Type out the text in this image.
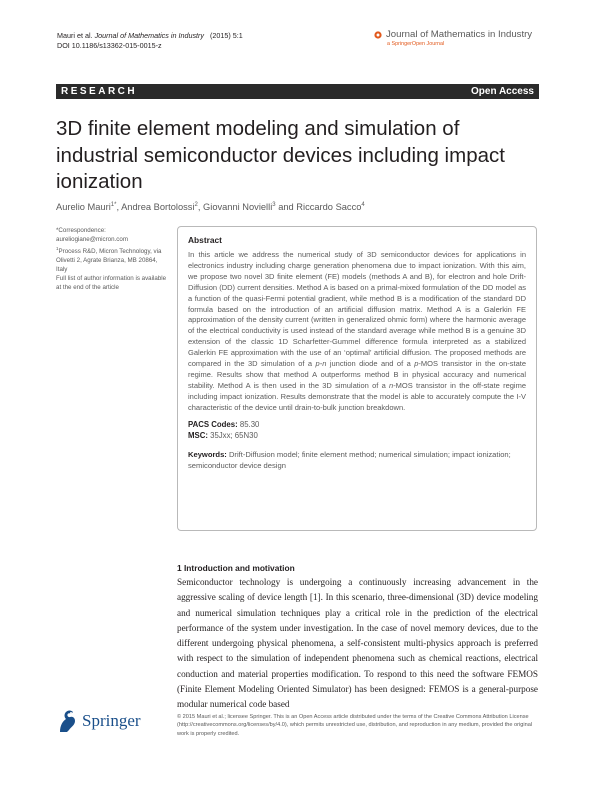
Mauri et al. Journal of Mathematics in Industry (2015) 5:1
DOI 10.1186/s13362-015-0015-z
Journal of Mathematics in Industry
a SpringerOpen Journal
RESEARCH	Open Access
3D finite element modeling and simulation of industrial semiconductor devices including impact ionization
Aurelio Mauri$^{1*}$, Andrea Bortolossi$^2$, Giovanni Novielli$^3$ and Riccardo Sacco$^4$

*Correspondence:

aureliogiane@micron.com

$^1$Process R&D, Micron Technology, via Olivetti 2, Agrate Brianza, MB 20864, Italy

Full list of author information is available at the end of the article

Abstract
In this article we address the numerical study of 3D semiconductor devices for applications in electronics industry including charge generation phenomena due to impact ionization. With this aim, we propose two novel 3D finite element (FE) models (methods A and B), for electron and hole Drift-Diffusion (DD) current densities. Method A is based on a primal-mixed formulation of the DD model as a function of the quasi-Fermi potential gradient, while method B is a modification of the standard DD formula based on the introduction of an artificial diffusion matrix. Method A is a Galerkin FE approximation of the density current (written in generalized ohmic form) where the harmonic average of the electrical conductivity is used instead of the standard average while method B is a genuine 3D extension of the classic 1D Scharfetter-Gummel difference formula interpreted as a stabilized Galerkin FE approximation with the use of an ‘optimal’ artificial diffusion. The proposed methods are compared in the 3D simulation of a p-n junction diode and of a p-MOS transistor in the on-state regime. Results show that method A outperforms method B in physical accuracy and numerical stability. Method A is then used in the 3D simulation of a n-MOS transistor in the off-state regime including impact ionization. Results demonstrate that the model is able to accurately compute the I-V characteristic of the device until drain-to-bulk junction breakdown.
PACS Codes: 85.30
MSC: 35Jxx; 65N30
Keywords: Drift-Diffusion model; finite element method; numerical simulation; impact ionization; semiconductor device design
1 Introduction and motivation

Semiconductor technology is undergoing a continuously increasing advancement in the aggressive scaling of device length [1]. In this scenario, three-dimensional (3D) device modeling and numerical simulation techniques play a critical role in the prediction of the electrical performance of the system under investigation. In the case of novel memory devices, due to the different undergoing physical phenomena, a self-consistent multi-physics approach is preferred with respect to the simulation of independent phenomena such as chemical reactions, electrical conduction and material properties modification. To respond to this need the software FEMOS (Finite Element Modeling Oriented Simulator) has been designed: FEMOS is a general-purpose modular numerical code based

Springer	© 2015 Mauri et al.; licensee Springer. This is an Open Access article distributed under the terms of the Creative Commons Attribution License (http://creativecommons.org/licenses/by/4.0), which permits unrestricted use, distribution, and reproduction in any medium, provided the original work is properly credited.
